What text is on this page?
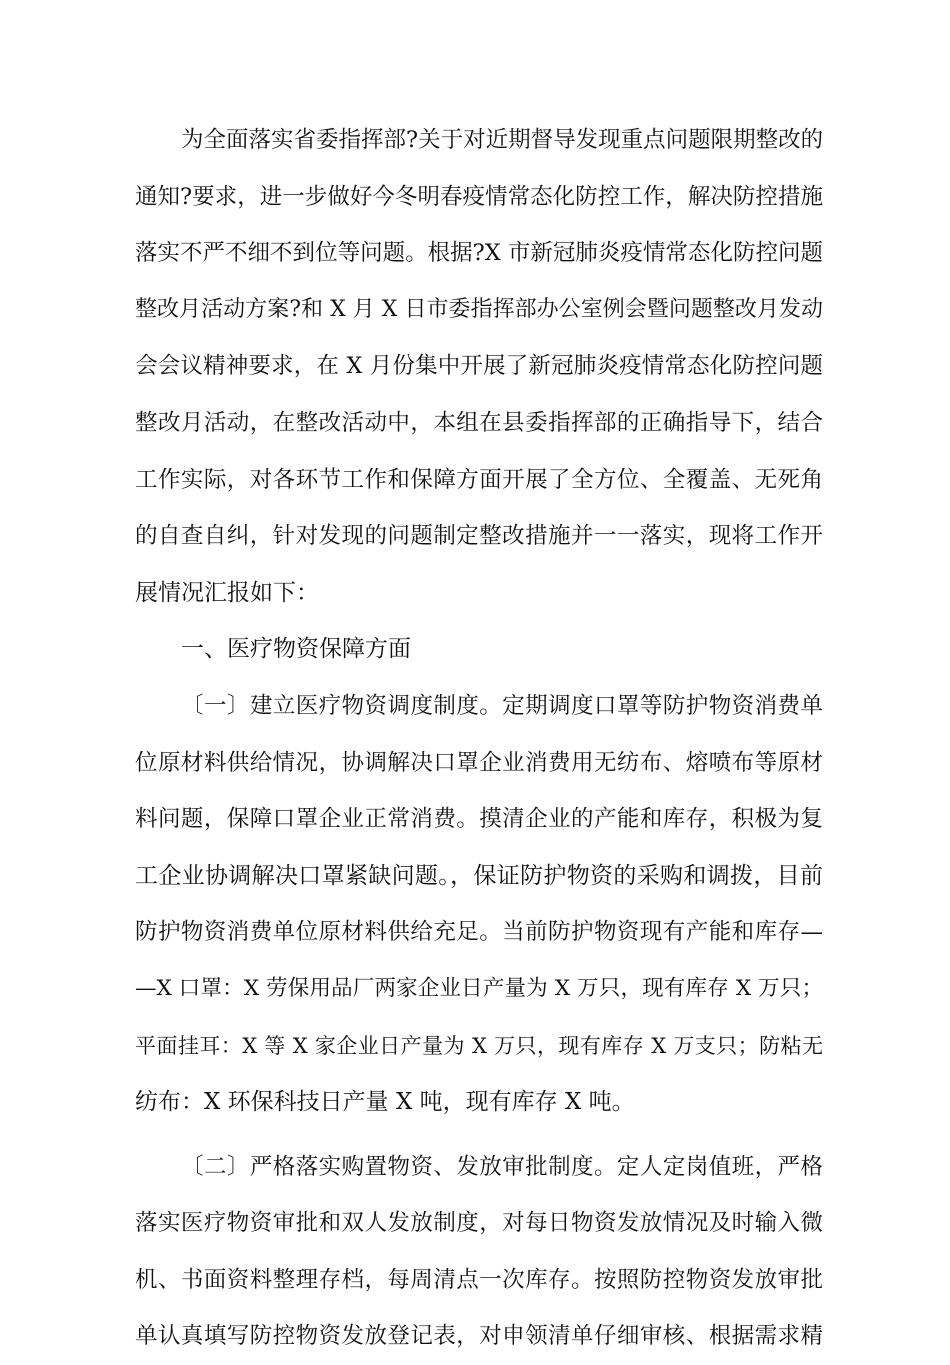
为全面落实省委指挥部?关于对近期督导发现重点问题限期整改的
通知?要求，进一步做好今冬明春疫情常态化防控工作，解决防控措施
落实不严不细不到位等问题。根据?X 市新冠肺炎疫情常态化防控问题
整改月活动方案?和 X 月 X 日市委指挥部办公室例会暨问题整改月发动
会会议精神要求，在 X 月份集中开展了新冠肺炎疫情常态化防控问题
整改月活动，在整改活动中，本组在县委指挥部的正确指导下，结合
工作实际，对各环节工作和保障方面开展了全方位、全覆盖、无死角
的自查自纠，针对发现的问题制定整改措施并一一落实，现将工作开
展情况汇报如下：
一、医疗物资保障方面
〔一〕建立医疗物资调度制度。定期调度口罩等防护物资消费单
位原材料供给情况，协调解决口罩企业消费用无纺布、熔喷布等原材
料问题，保障口罩企业正常消费。摸清企业的产能和库存，积极为复
工企业协调解决口罩紧缺问题。，保证防护物资的采购和调拨，目前
防护物资消费单位原材料供给充足。当前防护物资现有产能和库存—
—X 口罩：X 劳保用品厂两家企业日产量为 X 万只，现有库存 X 万只；
平面挂耳：X 等 X 家企业日产量为 X 万只，现有库存 X 万支只；防粘无
纺布：X 环保科技日产量 X 吨，现有库存 X 吨。
〔二〕严格落实购置物资、发放审批制度。定人定岗值班，严格
落实医疗物资审批和双人发放制度，对每日物资发放情况及时输入微
机、书面资料整理存档，每周清点一次库存。按照防控物资发放审批
单认真填写防控物资发放登记表，对申领清单仔细审核、根据需求精
